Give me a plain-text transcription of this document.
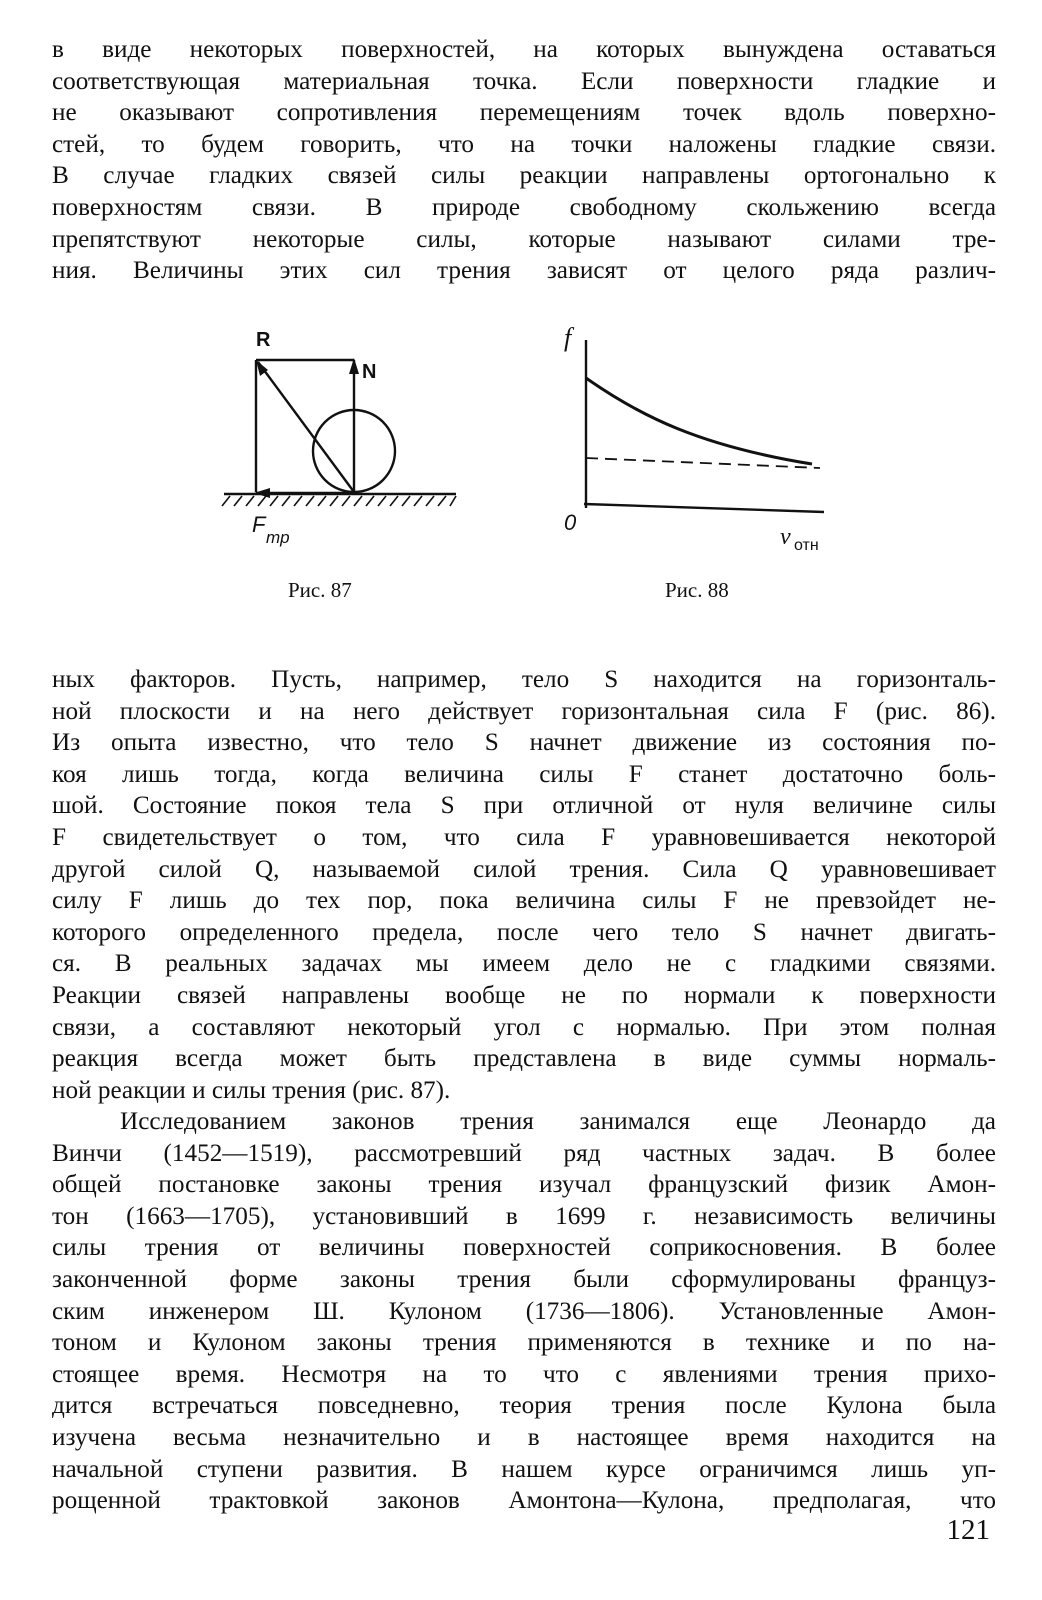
в виде некоторых поверхностей, на которых вынуждена оставаться
соответствующая материальная точка. Если поверхности гладкие и
не оказывают сопротивления перемещениям точек вдоль поверхно-
стей, то будем говорить, что на точки наложены гладкие связи.
В случае гладких связей силы реакции направлены ортогонально к
поверхностям связи. В природе свободному скольжению всегда
препятствуют некоторые силы, которые называют силами тре-
ния. Величины этих сил трения зависят от целого ряда различ-
R
N
F
mp
Рис. 87
f
0
v отн
Рис. 88
ных факторов. Пусть, например, тело S находится на горизонталь-
ной плоскости и на него действует горизонтальная сила F (рис. 86).
Из опыта известно, что тело S начнет движение из состояния по-
коя лишь тогда, когда величина силы F станет достаточно боль-
шой. Состояние покоя тела S при отличной от нуля величине силы
F свидетельствует о том, что сила F уравновешивается некоторой
другой силой Q, называемой силой трения. Сила Q уравновешивает
силу F лишь до тех пор, пока величина силы F не превзойдет не-
которого определенного предела, после чего тело S начнет двигать-
ся. В реальных задачах мы имеем дело не с гладкими связями.
Реакции связей направлены вообще не по нормали к поверхности
связи, а составляют некоторый угол с нормалью. При этом полная
реакция всегда может быть представлена в виде суммы нормаль-
ной реакции и силы трения (рис. 87).
Исследованием законов трения занимался еще Леонардо да
Винчи (1452—1519), рассмотревший ряд частных задач. В более
общей постановке законы трения изучал французский физик Амон-
тон (1663—1705), установивший в 1699 г. независимость величины
силы трения от величины поверхностей соприкосновения. В более
законченной форме законы трения были сформулированы француз-
ским инженером Ш. Кулоном (1736—1806). Установленные Амон-
тоном и Кулоном законы трения применяются в технике и по на-
стоящее время. Несмотря на то что с явлениями трения прихо-
дится встречаться повседневно, теория трения после Кулона была
изучена весьма незначительно и в настоящее время находится на
начальной ступени развития. В нашем курсе ограничимся лишь уп-
рощенной трактовкой законов Амонтона—Кулона, предполагая, что
121
